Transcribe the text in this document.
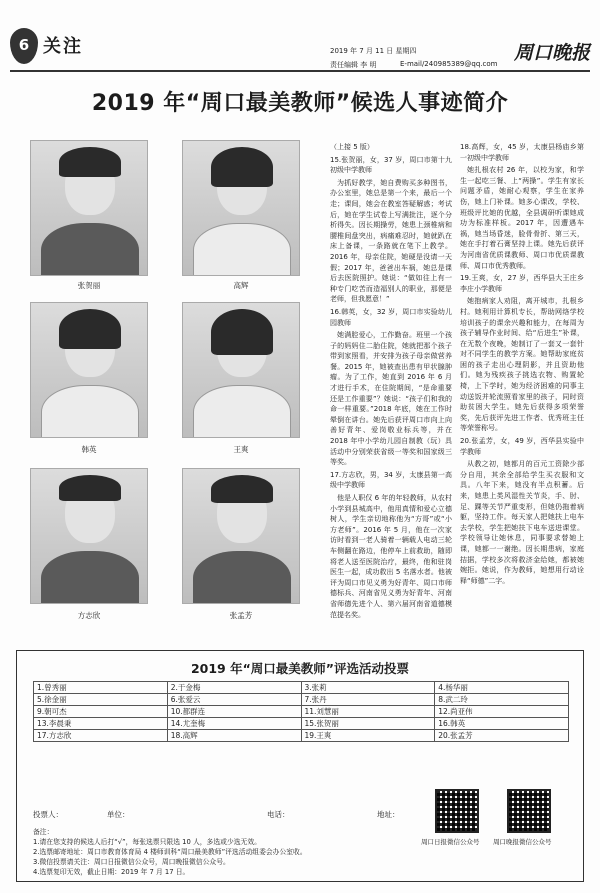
6 关注	2019 年 7 月 11 日 星期四	周口晚报
责任编辑 李 明	E-mail/240985389@qq.com
2019 年“周口最美教师”候选人事迹简介
张贺丽	高辉
韩英	王爽
方志欣	张孟芳

（上接 5 版）

15.张贺丽，女，37 岁，周口市第十九初级中学教师

为抓好教学，她自费购买多种图书，办公室里，她总是第一个来，最后一个走；课间，她会在教室答疑解惑；考试后，她在学生试卷上写满批注，逐个分析得失。因长期操劳，她患上颈椎病和腰椎间盘突出，病痛难忍时，她就趴在床上备课，一条路就在笔下上教学。2016 年，母亲住院，她硬是没请一天假；2017 年，爸爸出车祸，她总是课后去医院照护。她说：“做如往上有一种专门吃苦而造福别人的职业，那便是老师，但我愿意！”

16.韩英，女，32 岁，周口市实验幼儿园教师

她满腔爱心，工作勤奋。班里一个孩子的妈妈住二胎住院，她就把那个孩子带到家照看，并安排为孩子母亲做营养餐。2015 年，她被查出患有甲状腺肿瘤。为了工作，她直到 2016 年 6 月才进行手术，在住院期间，“是命重要还是工作重要”？她说：“孩子们和我的命一样重要。”2018 年底，她在工作时晕倒在讲台。她先后获评周口市向上向善好青年、爱岗敬业标兵等，并在 2018 年中小学幼儿园自制教（玩）具活动中分别荣获省级一等奖和国家级三等奖。

17.方志欣，男，34 岁，太康县第一高级中学教师

他是人职仅 6 年的年轻教师，从农村小学到县城高中，他用真情和爱心立德树人，学生亲切地称他为“方哥”或“小方老师”。2016 年 5 月，他在一次家访时看到一老人骑着一辆载人电动三轮车侧翻在路边，他停车上前救助，随即将老人送至医院治疗，最终，他和驻岗医生一起，成功救出 5 名落水者。他被评为周口市见义勇为好青年、周口市师德标兵、河南省见义勇为好青年、河南省师德先进个人、第六届河南省道德模范提名奖。

18.高辉，女，45 岁，太康县杨庙乡第一初级中学教师

她扎根农村 26 年，以校为家，和学生一起吃三餐、上“两操”。学生有家长问题矛盾，她耐心观察，学生在家养伤，她上门补课。她多心课改，学校、班级评比她的优越，全县调研听课她成功为标准样板。2017 年，因遭遇车祸，她当场昏迷，脸骨骨折、第三天，她在手打着石膏坚持上课。她先后获评为河南省优质课教师、周口市优质课教师、周口市优秀教师。

19.王爽，女，27 岁，西华县大王庄乡李庄小学教师

她抱病家人劝阻，离开城市，扎根乡村。她利用计算机专长，帮助网络学校培训孩子的课余兴趣和能力，在每周为孩子辅导作业时间、给“后进生”补课，在无数个夜晚，她制订了一套又一套针对不同学生的教学方案。她帮助家庭贫困的孩子走出心理阴影，并且资助他们。她为残疾孩子挑选衣物、购置轮椅，上下学时，她为经济困难的同事主动送饭并轮流照看家里的孩子，同时资助贫困大学生。她先后获得多项荣誉奖，先后获评先进工作者、优秀班主任等荣誉称号。

20.张孟芳，女，49 岁，西华县实验中学教师

从教之初，她都月的百元工资除少部分自用，其余全部给学生买衣服和文具。八年下来，她没有半点积蓄。后来，她患上类风湿性关节炎，手、肘、足、踝等关节严重变形，但她仍拖着病躯，坚持工作。每天家人把她扶上电车去学校，学生把她扶下电车送进课堂。学校领导让她休息，同事要求替她上课，她都一一谢绝。因长期患病，家庭拮据，学校多次将救济金给她，都被她婉拒。她说，作为教师，她想用行动诠释“师德”二字。

2019 年“周口最美教师”评选活动投票
1.曾秀丽	2.于金梅	3.张莉	4.杨华丽
5.徐金丽	6.张爱云	7.张丹	8.武二玲
9.朝可杰	10.都群连	11.刘慧丽	12.尚亚伟
13.李晨秉	14.尤奎梅	15.张贺丽	16.韩英
17.方志欣	18.高辉	19.王爽	20.张孟芳
投票人：	单位：	电话：	地址：
备注：
1.请在您支持的候选人后打“√”，每张选票只限选 10 人，多选或少选无效。
2.选票邮寄地址：周口市教育体育局 4 楼师训科“周口最美教师”评选活动组委会办公室收。
3.微信投票请关注：周口日报微信公众号，周口晚报微信公众号。
4.选票复印无效，截止日期：2019 年 7 月 17 日。
周口日报微信公众号 周口晚报微信公众号
